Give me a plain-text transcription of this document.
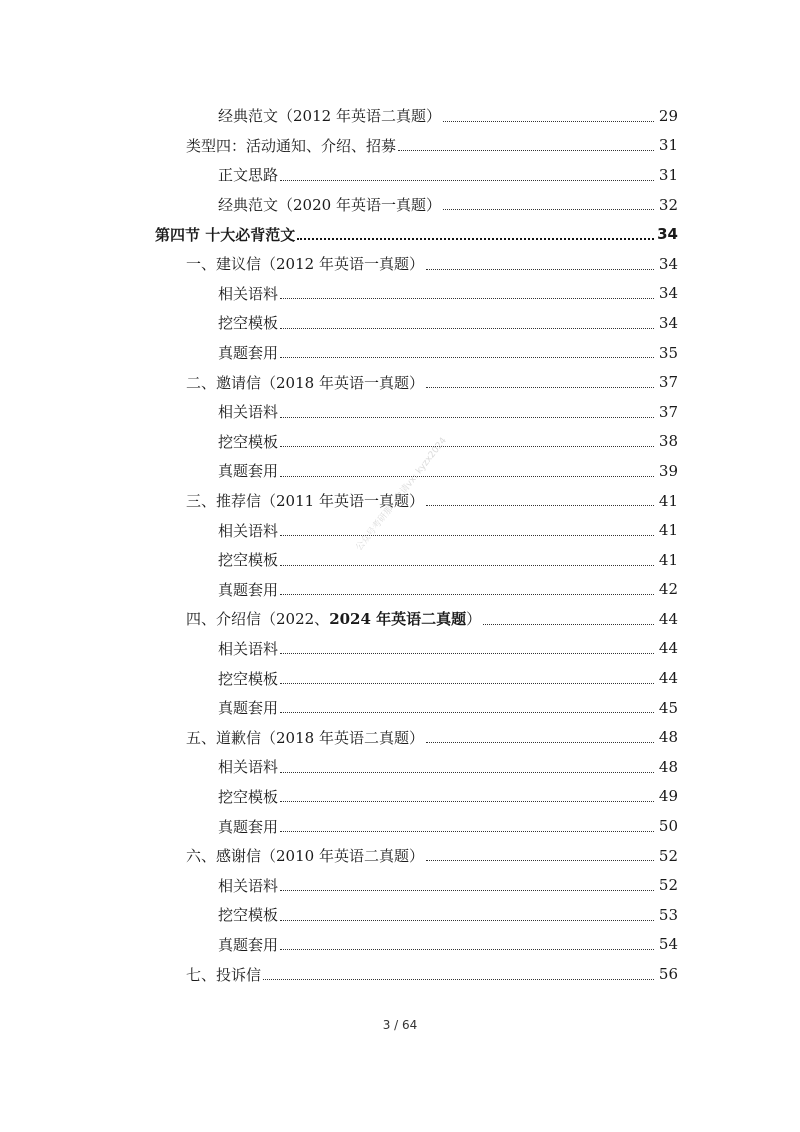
经典范文（2012 年英语二真题）	29
类型四：活动通知、介绍、招募	31
正文思路	31
经典范文（2020 年英语一真题）	32
第四节 十大必背范文	34
一、建议信（2012 年英语一真题）	34
相关语料	34
挖空模板	34
真题套用	35
二、邀请信（2018 年英语一真题）	37
相关语料	37
挖空模板	38
真题套用	39
三、推荐信（2011 年英语一真题）	41
相关语料	41
挖空模板	41
真题套用	42
四、介绍信（2022、2024 年英语二真题）	44
相关语料	44
挖空模板	44
真题套用	45
五、道歉信（2018 年英语二真题）	48
相关语料	48
挖空模板	49
真题套用	50
六、感谢信（2010 年英语二真题）	52
相关语料	52
挖空模板	53
真题套用	54
七、投诉信	56
公众号考研那一舍请vx: kyzx2024
3 / 64
